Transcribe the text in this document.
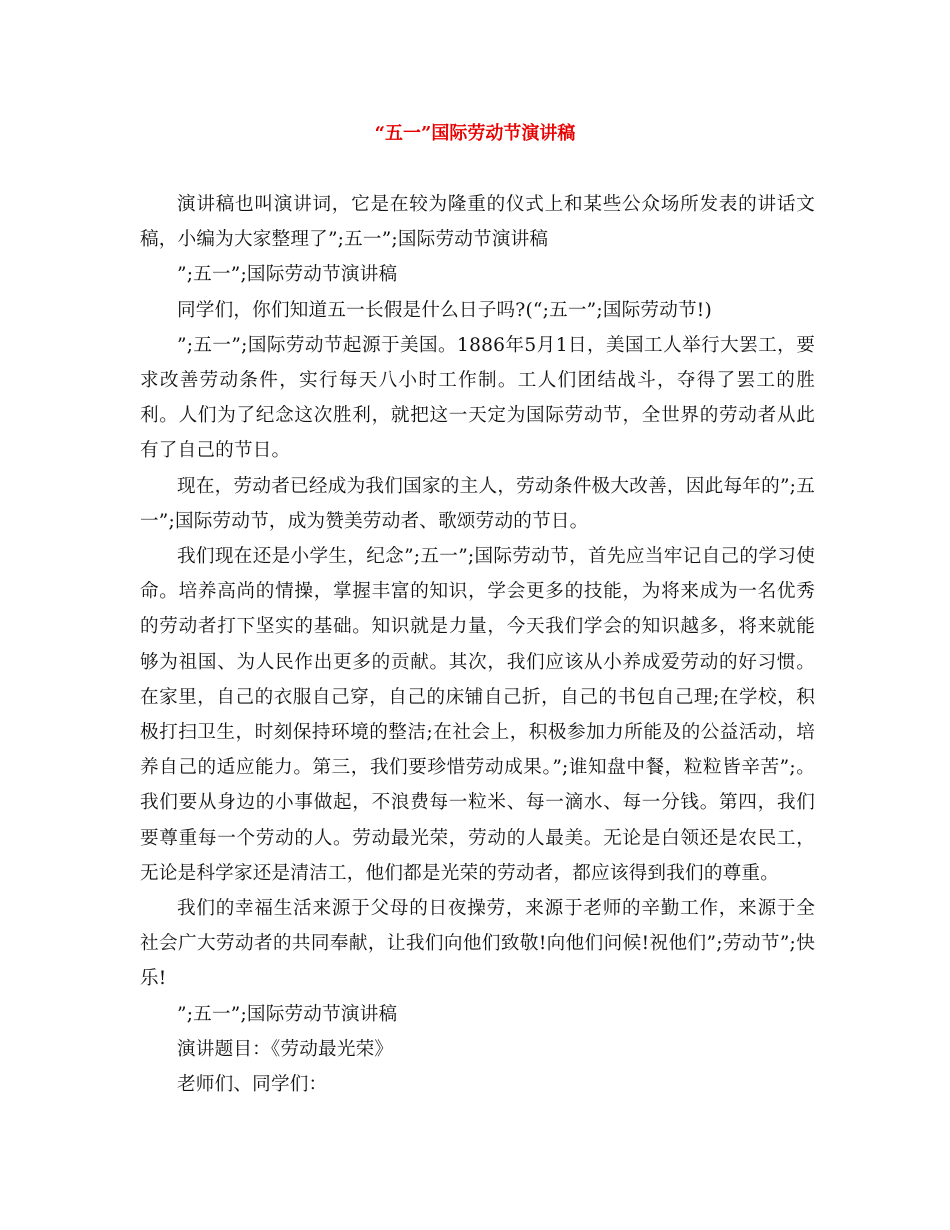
“五一”国际劳动节演讲稿

演讲稿也叫演讲词，它是在较为隆重的仪式上和某些公众场所发表的讲话文稿，小编为大家整理了”;五一”;国际劳动节演讲稿

”;五一”;国际劳动节演讲稿

同学们，你们知道五一长假是什么日子吗?(“;五一”;国际劳动节!)

”;五一”;国际劳动节起源于美国。1886年5月1日，美国工人举行大罢工，要求改善劳动条件，实行每天八小时工作制。工人们团结战斗，夺得了罢工的胜利。人们为了纪念这次胜利，就把这一天定为国际劳动节，全世界的劳动者从此有了自己的节日。

现在，劳动者已经成为我们国家的主人，劳动条件极大改善，因此每年的”;五一”;国际劳动节，成为赞美劳动者、歌颂劳动的节日。

我们现在还是小学生，纪念”;五一”;国际劳动节，首先应当牢记自己的学习使命。培养高尚的情操，掌握丰富的知识，学会更多的技能，为将来成为一名优秀的劳动者打下坚实的基础。知识就是力量，今天我们学会的知识越多，将来就能够为祖国、为人民作出更多的贡献。其次，我们应该从小养成爱劳动的好习惯。在家里，自己的衣服自己穿，自己的床铺自己折，自己的书包自己理;在学校，积极打扫卫生，时刻保持环境的整洁;在社会上，积极参加力所能及的公益活动，培养自己的适应能力。第三，我们要珍惜劳动成果。”;谁知盘中餐，粒粒皆辛苦”;。我们要从身边的小事做起，不浪费每一粒米、每一滴水、每一分钱。第四，我们要尊重每一个劳动的人。劳动最光荣，劳动的人最美。无论是白领还是农民工，无论是科学家还是清洁工，他们都是光荣的劳动者，都应该得到我们的尊重。

我们的幸福生活来源于父母的日夜操劳，来源于老师的辛勤工作，来源于全社会广大劳动者的共同奉献，让我们向他们致敬!向他们问候!祝他们”;劳动节”;快乐!

”;五一”;国际劳动节演讲稿

演讲题目：《劳动最光荣》

老师们、同学们：
